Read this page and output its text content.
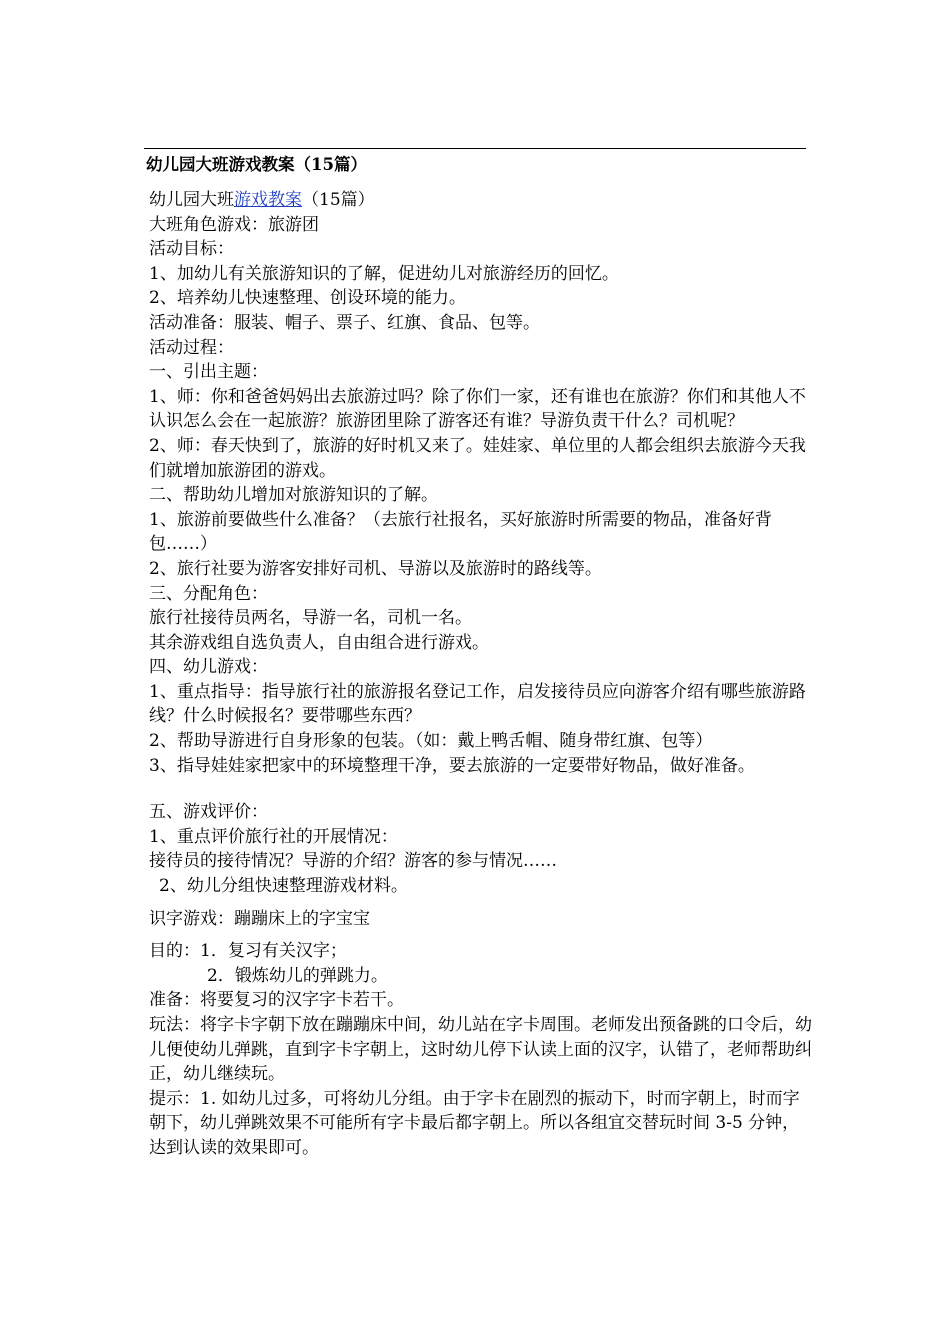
幼儿园大班游戏教案（15篇）
幼儿园大班游戏教案（15篇）
大班角色游戏：旅游团
活动目标：
1、加幼儿有关旅游知识的了解，促进幼儿对旅游经历的回忆。
2、培养幼儿快速整理、创设环境的能力。
活动准备：服装、帽子、票子、红旗、食品、包等。
活动过程：
一、引出主题：
1、师：你和爸爸妈妈出去旅游过吗？除了你们一家，还有谁也在旅游？你们和其他人不认识怎么会在一起旅游？旅游团里除了游客还有谁？导游负责干什么？司机呢？
2、师：春天快到了，旅游的好时机又来了。娃娃家、单位里的人都会组织去旅游今天我们就增加旅游团的游戏。
二、帮助幼儿增加对旅游知识的了解。
1、旅游前要做些什么准备？（去旅行社报名，买好旅游时所需要的物品，准备好背包……）
2、旅行社要为游客安排好司机、导游以及旅游时的路线等。
三、分配角色：
旅行社接待员两名，导游一名，司机一名。
其余游戏组自选负责人，自由组合进行游戏。
四、幼儿游戏：
1、重点指导：指导旅行社的旅游报名登记工作，启发接待员应向游客介绍有哪些旅游路线？什么时候报名？要带哪些东西？
2、帮助导游进行自身形象的包装。（如：戴上鸭舌帽、随身带红旗、包等）
3、指导娃娃家把家中的环境整理干净，要去旅游的一定要带好物品，做好准备。
五、游戏评价：
1、重点评价旅行社的开展情况：
接待员的接待情况？导游的介绍？游客的参与情况……
2、幼儿分组快速整理游戏材料。
识字游戏：蹦蹦床上的字宝宝
目的：1．复习有关汉字；
2．锻炼幼儿的弹跳力。
准备：将要复习的汉字字卡若干。
玩法：将字卡字朝下放在蹦蹦床中间，幼儿站在字卡周围。老师发出预备跳的口令后，幼儿便使幼儿弹跳，直到字卡字朝上，这时幼儿停下认读上面的汉字，认错了，老师帮助纠正，幼儿继续玩。
提示：1. 如幼儿过多，可将幼儿分组。由于字卡在剧烈的振动下，时而字朝上，时而字朝下，幼儿弹跳效果不可能所有字卡最后都字朝上。所以各组宜交替玩时间 3-5 分钟，达到认读的效果即可。
